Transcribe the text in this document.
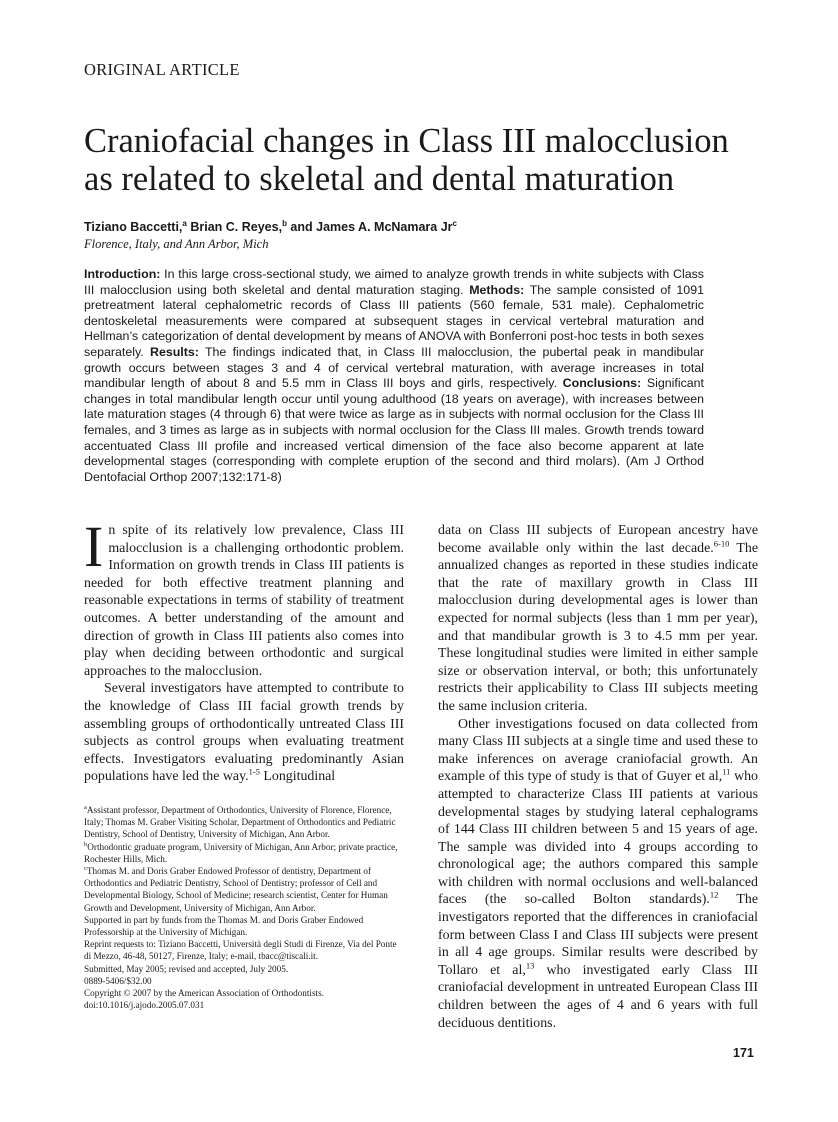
ORIGINAL ARTICLE
Craniofacial changes in Class III malocclusion as related to skeletal and dental maturation
Tiziano Baccetti,$^a$ Brian C. Reyes,$^b$ and James A. McNamara Jr$^c$
Florence, Italy, and Ann Arbor, Mich

Introduction: In this large cross-sectional study, we aimed to analyze growth trends in white subjects with Class III malocclusion using both skeletal and dental maturation staging. Methods: The sample consisted of 1091 pretreatment lateral cephalometric records of Class III patients (560 female, 531 male). Cephalometric dentoskeletal measurements were compared at subsequent stages in cervical vertebral maturation and Hellman’s categorization of dental development by means of ANOVA with Bonferroni post-hoc tests in both sexes separately. Results: The findings indicated that, in Class III malocclusion, the pubertal peak in mandibular growth occurs between stages 3 and 4 of cervical vertebral maturation, with average increases in total mandibular length of about 8 and 5.5 mm in Class III boys and girls, respectively. Conclusions: Significant changes in total mandibular length occur until young adulthood (18 years on average), with increases between late maturation stages (4 through 6) that were twice as large as in subjects with normal occlusion for the Class III females, and 3 times as large as in subjects with normal occlusion for the Class III males. Growth trends toward accentuated Class III profile and increased vertical dimension of the face also become apparent at late developmental stages (corresponding with complete eruption of the second and third molars). (Am J Orthod Dentofacial Orthop 2007;132:171-8)

In spite of its relatively low prevalence, Class III malocclusion is a challenging orthodontic problem. Information on growth trends in Class III patients is needed for both effective treatment planning and reasonable expectations in terms of stability of treatment outcomes. A better understanding of the amount and direction of growth in Class III patients also comes into play when deciding between orthodontic and surgical approaches to the malocclusion.

Several investigators have attempted to contribute to the knowledge of Class III facial growth trends by assembling groups of orthodontically untreated Class III subjects as control groups when evaluating treatment effects. Investigators evaluating predominantly Asian populations have led the way.$^{1-5}$ Longitudinal

$^a$Assistant professor, Department of Orthodontics, University of Florence, Florence, Italy; Thomas M. Graber Visiting Scholar, Department of Orthodontics and Pediatric Dentistry, School of Dentistry, University of Michigan, Ann Arbor.
$^b$Orthodontic graduate program, University of Michigan, Ann Arbor; private practice, Rochester Hills, Mich.
$^c$Thomas M. and Doris Graber Endowed Professor of dentistry, Department of Orthodontics and Pediatric Dentistry, School of Dentistry; professor of Cell and Developmental Biology, School of Medicine; research scientist, Center for Human Growth and Development, University of Michigan, Ann Arbor.
Supported in part by funds from the Thomas M. and Doris Graber Endowed Professorship at the University of Michigan.
Reprint requests to: Tiziano Baccetti, Università degli Studi di Firenze, Via del Ponte di Mezzo, 46-48, 50127, Firenze, Italy; e-mail, tbacc@tiscali.it.
Submitted, May 2005; revised and accepted, July 2005.
0889-5406/$32.00
Copyright © 2007 by the American Association of Orthodontists.
doi:10.1016/j.ajodo.2005.07.031

data on Class III subjects of European ancestry have become available only within the last decade.$^{6-10}$ The annualized changes as reported in these studies indicate that the rate of maxillary growth in Class III malocclusion during developmental ages is lower than expected for normal subjects (less than 1 mm per year), and that mandibular growth is 3 to 4.5 mm per year. These longitudinal studies were limited in either sample size or observation interval, or both; this unfortunately restricts their applicability to Class III subjects meeting the same inclusion criteria.

Other investigations focused on data collected from many Class III subjects at a single time and used these to make inferences on average craniofacial growth. An example of this type of study is that of Guyer et al,$^{11}$ who attempted to characterize Class III patients at various developmental stages by studying lateral cephalograms of 144 Class III children between 5 and 15 years of age. The sample was divided into 4 groups according to chronological age; the authors compared this sample with children with normal occlusions and well-balanced faces (the so-called Bolton standards).$^{12}$ The investigators reported that the differences in craniofacial form between Class I and Class III subjects were present in all 4 age groups. Similar results were described by Tollaro et al,$^{13}$ who investigated early Class III craniofacial development in untreated European Class III children between the ages of 4 and 6 years with full deciduous dentitions.

171
